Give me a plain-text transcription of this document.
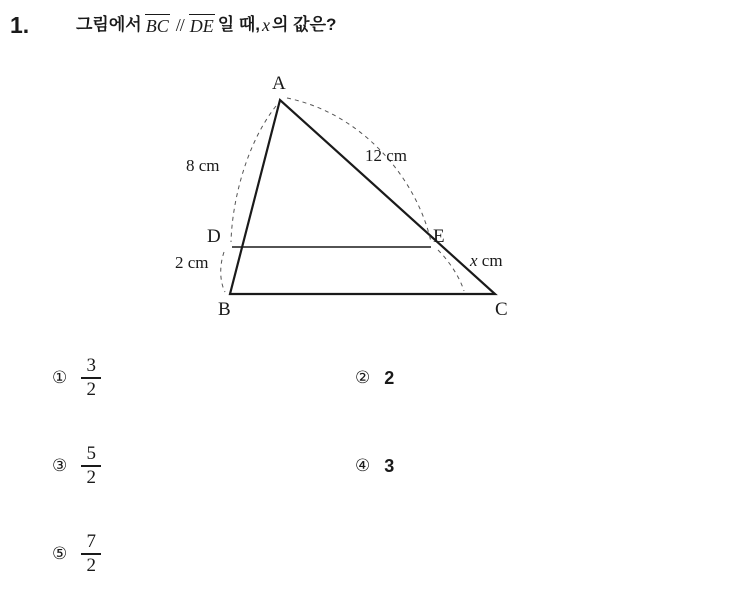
1.	그림에서 BC // DE 일 때, x 의 값은?
A
B	C
D	E
8 cm
2 cm
12 cm
x cm
① $\frac{3}{2}$	② 2
③ $\frac{5}{2}$	④ 3
⑤ $\frac{7}{2}$
